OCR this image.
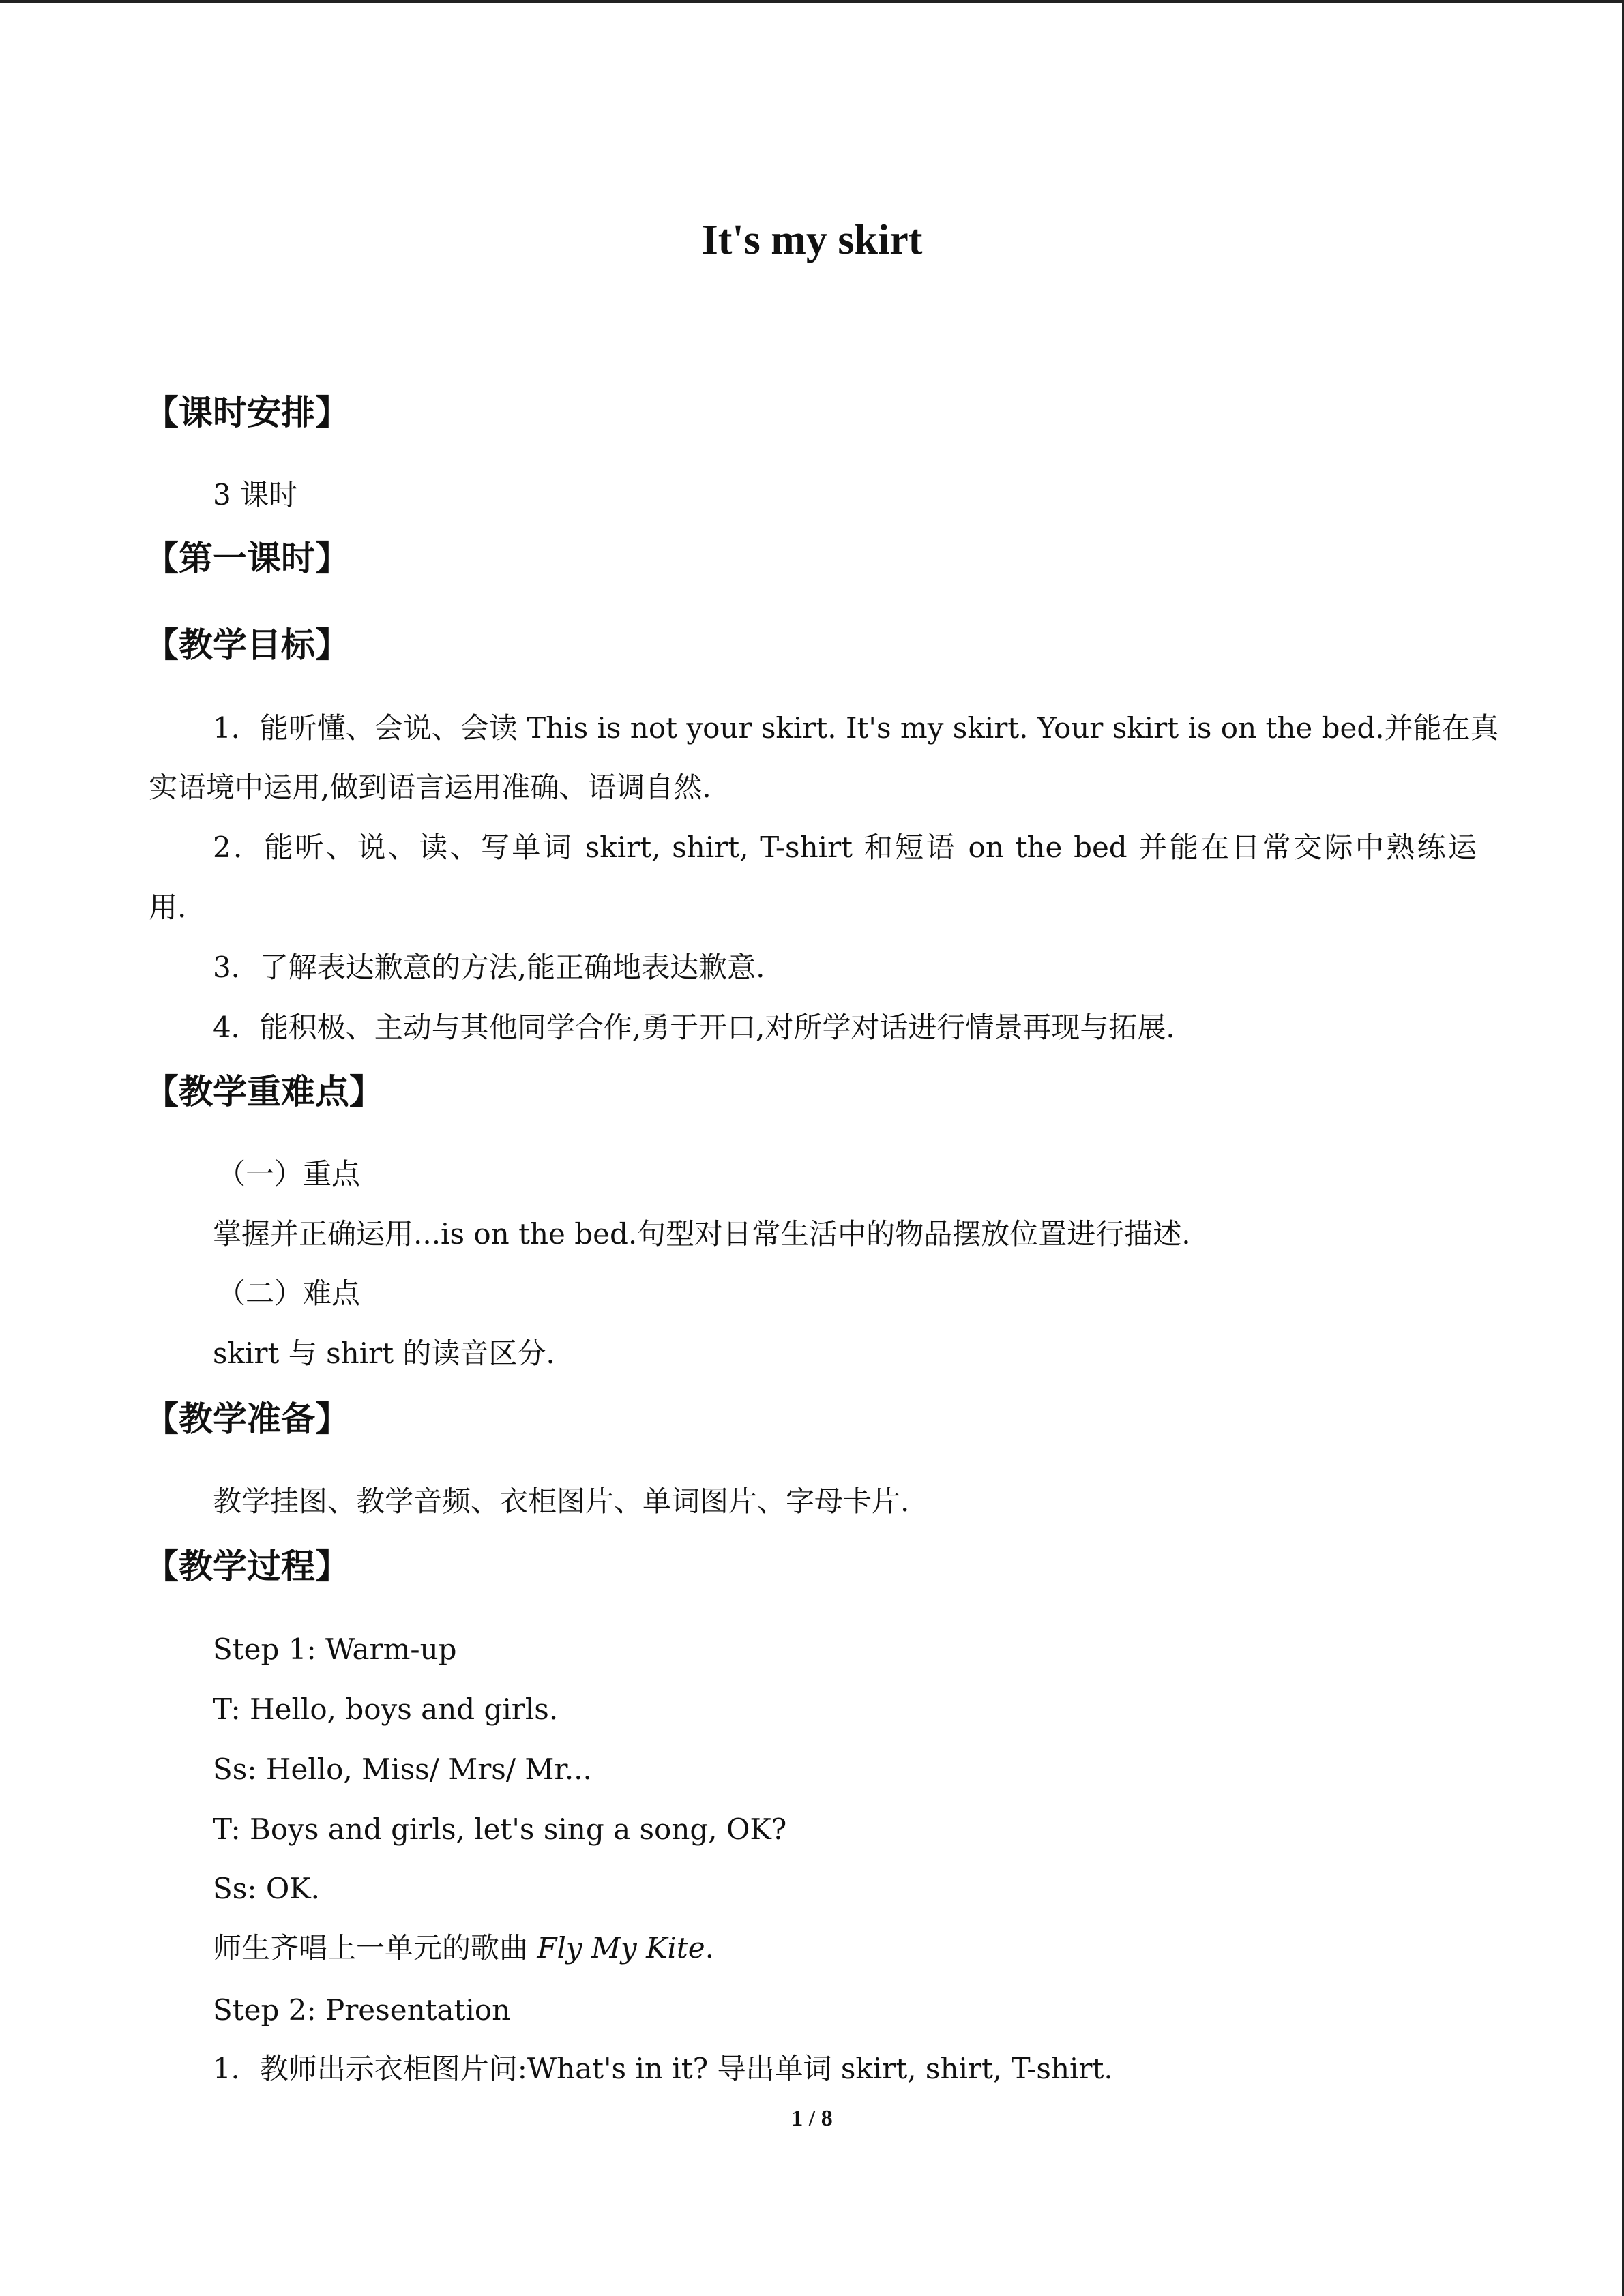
It's my skirt
【课时安排】
3 课时
【第一课时】
【教学目标】
1．能听懂、会说、会读 This is not your skirt. It's my skirt. Your skirt is on the bed.并能在真
实语境中运用,做到语言运用准确、语调自然.
2．能听、说、读、写单词 skirt, shirt, T-shirt 和短语 on the bed 并能在日常交际中熟练运
用.
3．了解表达歉意的方法,能正确地表达歉意.
4．能积极、主动与其他同学合作,勇于开口,对所学对话进行情景再现与拓展.
【教学重难点】
（一）重点
掌握并正确运用...is on the bed.句型对日常生活中的物品摆放位置进行描述.
（二）难点
skirt 与 shirt 的读音区分.
【教学准备】
教学挂图、教学音频、衣柜图片、单词图片、字母卡片.
【教学过程】
Step 1: Warm-up
T: Hello, boys and girls.
Ss: Hello, Miss/ Mrs/ Mr...
T: Boys and girls, let's sing a song, OK?
Ss: OK.
师生齐唱上一单元的歌曲 Fly My Kite.
Step 2: Presentation
1．教师出示衣柜图片问:What's in it? 导出单词 skirt, shirt, T-shirt.
1 / 8
